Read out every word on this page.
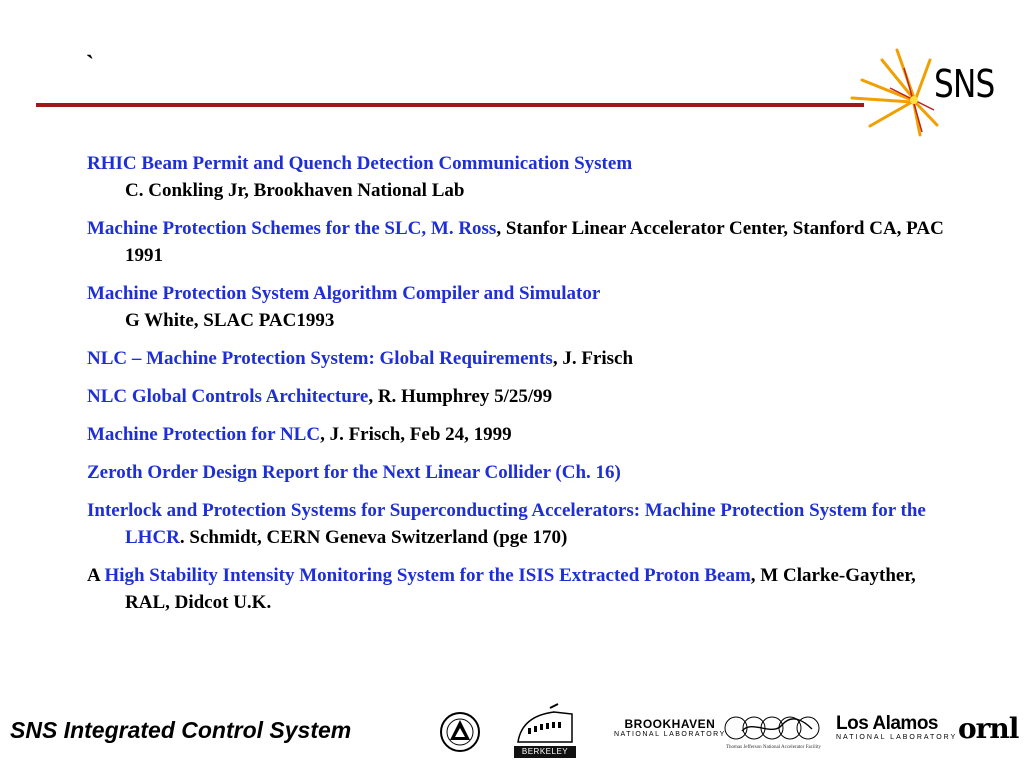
`	SNS
RHIC Beam Permit and Quench Detection Communication System
C. Conkling Jr, Brookhaven National Lab
Machine Protection Schemes for the SLC, M. Ross, Stanfor Linear Accelerator Center, Stanford CA, PAC 1991
Machine Protection System Algorithm Compiler and Simulator
G White, SLAC PAC1993
NLC – Machine Protection System: Global Requirements, J. Frisch
NLC Global Controls Architecture, R. Humphrey 5/25/99
Machine Protection for NLC, J. Frisch, Feb 24, 1999
Zeroth Order Design Report for the Next Linear Collider (Ch. 16)
Interlock and Protection Systems for Superconducting Accelerators: Machine Protection System for the LHCR. Schmidt, CERN Geneva Switzerland (pge 170)
A High Stability Intensity Monitoring System for the ISIS Extracted Proton Beam, M Clarke-Gayther, RAL, Didcot U.K.
SNS Integrated Control System
BERKELEY LAB
BROOKHAVEN
NATIONAL LABORATORY
Thomas Jefferson National Accelerator Facility
Los Alamos
NATIONAL LABORATORY ornl
